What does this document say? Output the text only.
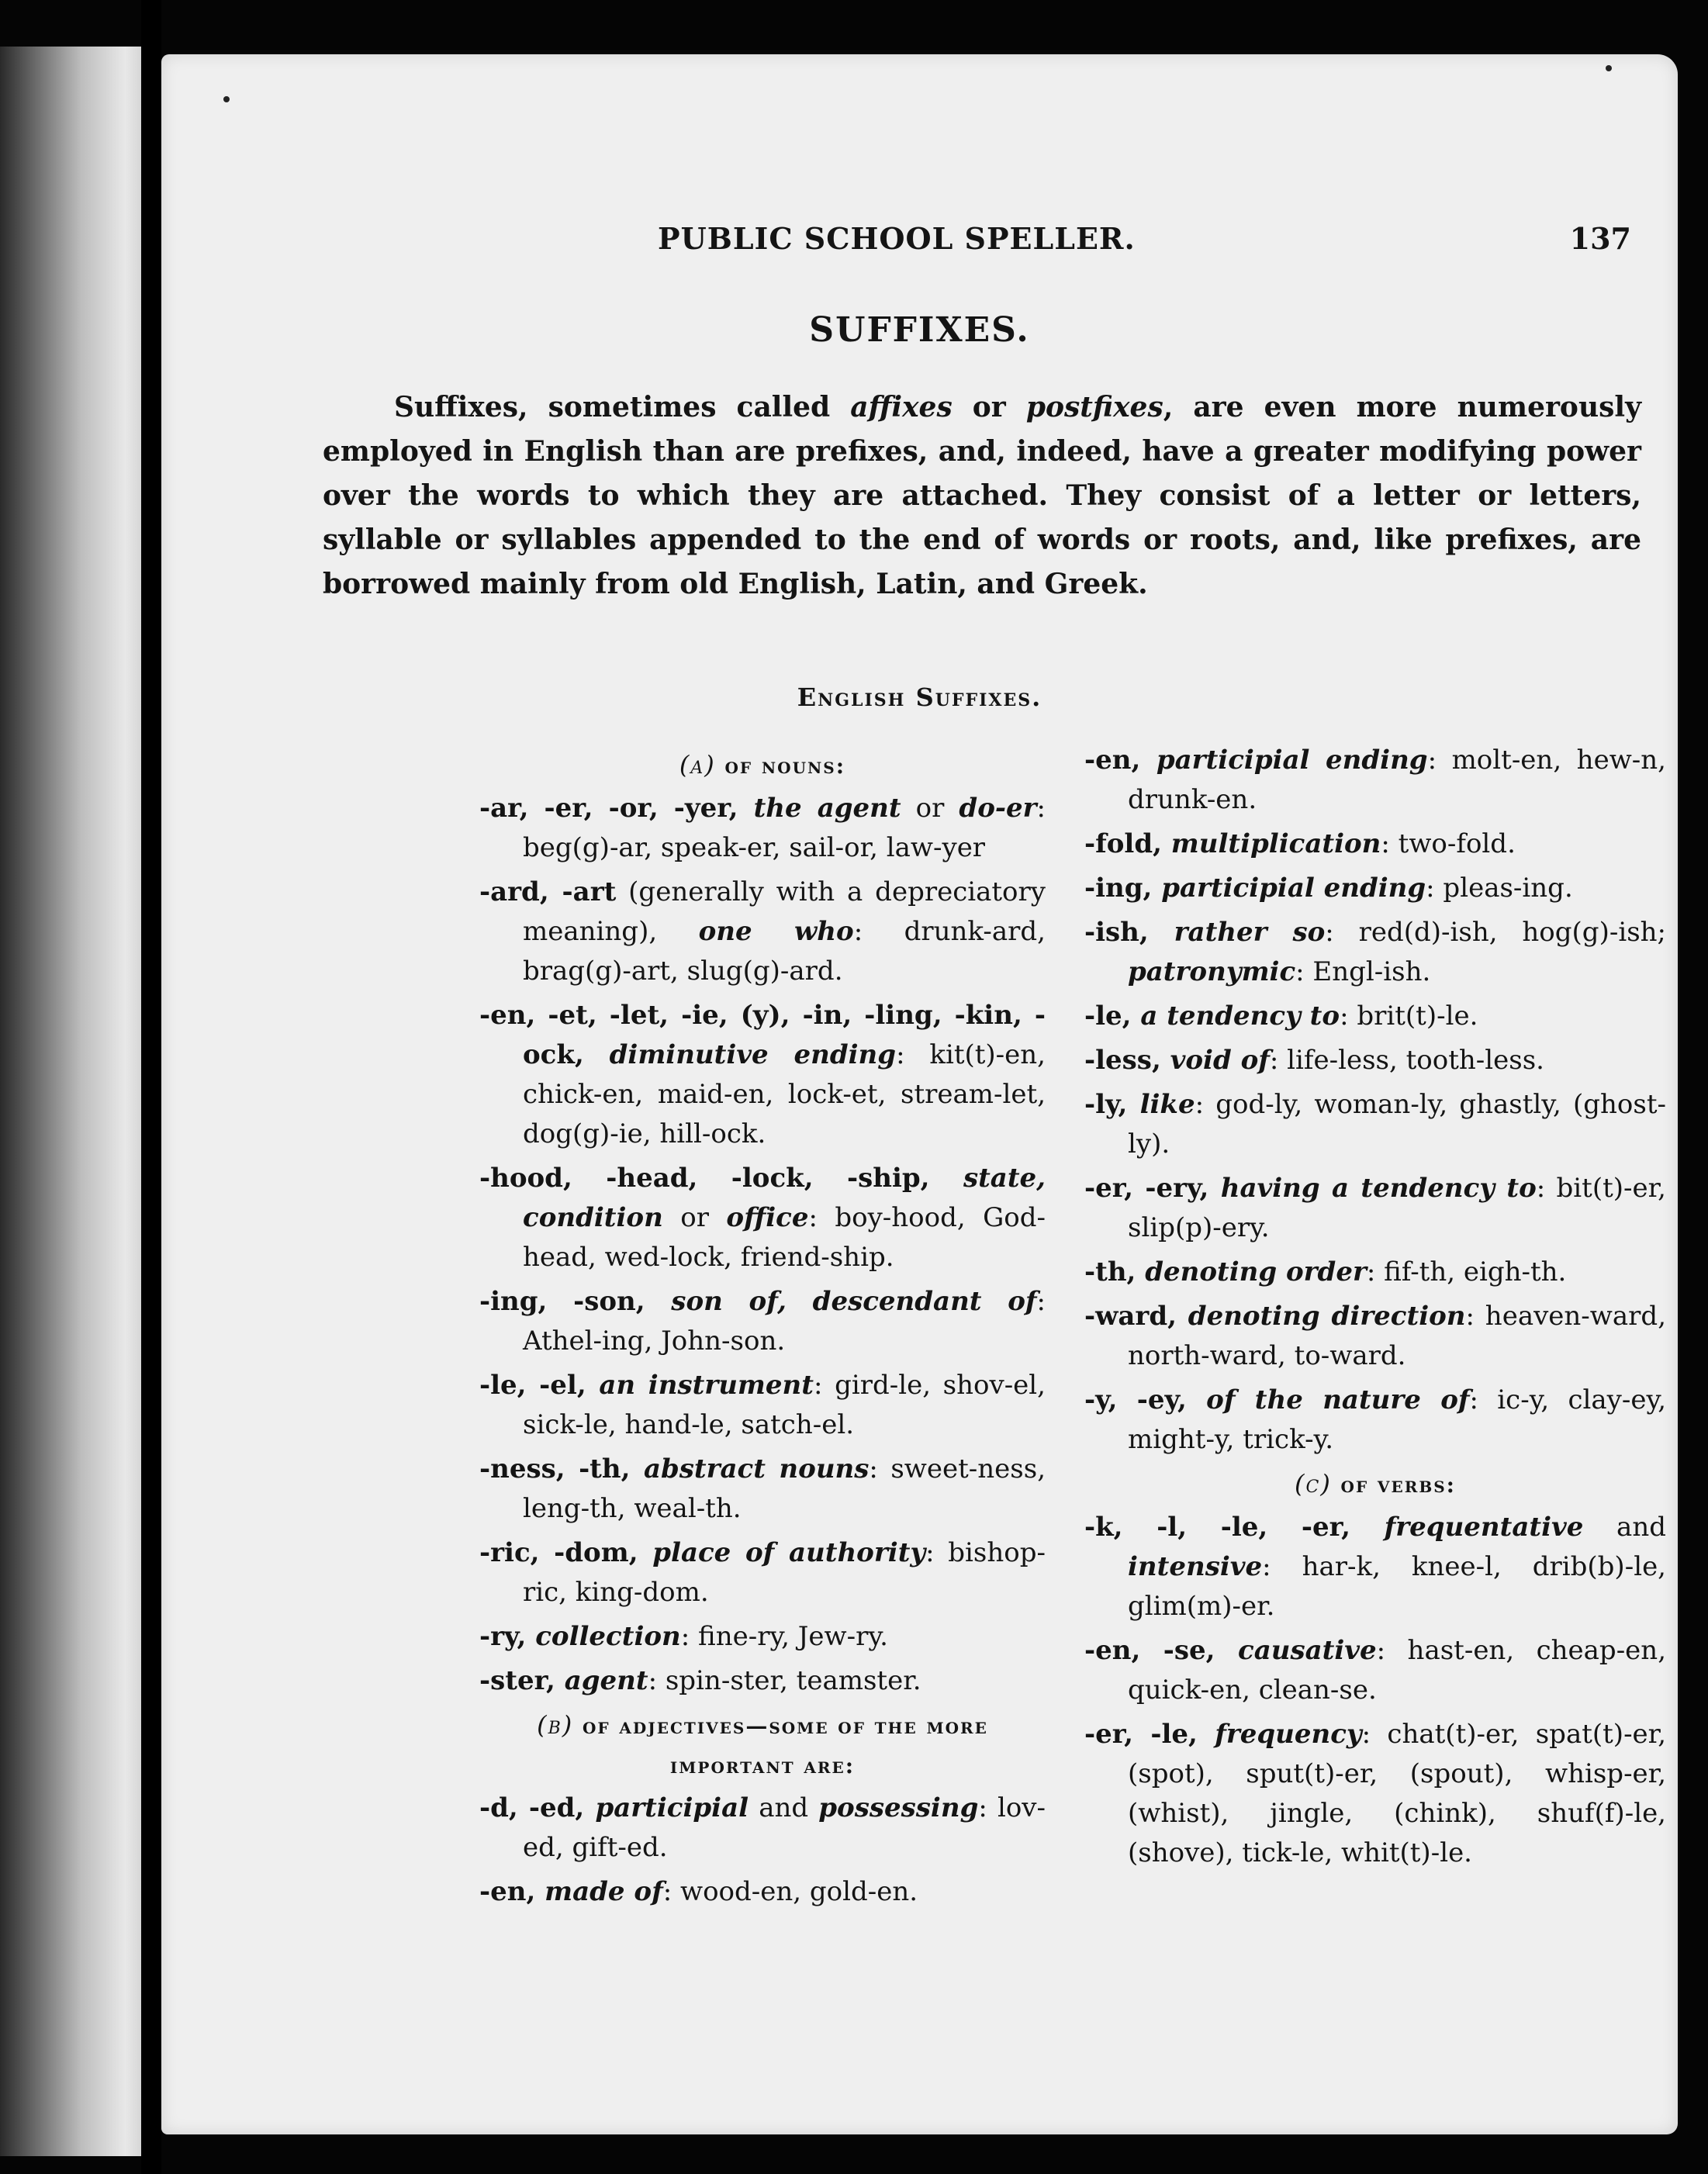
PUBLIC SCHOOL SPELLER.	137
SUFFIXES.
Suffixes, sometimes called affixes or postfixes, are even more numerously employed in English than are prefixes, and, indeed, have a greater modifying power over the words to which they are attached. They consist of a letter or letters, syllable or syllables appended to the end of words or roots, and, like prefixes, are borrowed mainly from old English, Latin, and Greek.
English Suffixes.
(a) of nouns:
-ar, -er, -or, -yer, the agent or do-er: beg(g)-ar, speak-er, sail-or, law-yer
-ard, -art (generally with a depreciatory meaning), one who: drunk-ard, brag(g)-art, slug(g)-ard.
-en, -et, -let, -ie, (y), -in, -ling, -kin, -ock, diminutive ending: kit(t)-en, chick-en, maid-en, lock-et, stream-let, dog(g)-ie, hill-ock.
-hood, -head, -lock, -ship, state, condition or office: boy-hood, God-head, wed-lock, friend-ship.
-ing, -son, son of, descendant of: Athel-ing, John-son.
-le, -el, an instrument: gird-le, shov-el, sick-le, hand-le, satch-el.
-ness, -th, abstract nouns: sweet-ness, leng-th, weal-th.
-ric, -dom, place of authority: bishop-ric, king-dom.
-ry, collection: fine-ry, Jew-ry.
-ster, agent: spin-ster, teamster.
(b) of adjectives—some of the more important are:
-d, -ed, participial and possessing: lov-ed, gift-ed.
-en, made of: wood-en, gold-en.
-en, participial ending: molt-en, hew-n, drunk-en.
-fold, multiplication: two-fold.
-ing, participial ending: pleas-ing.
-ish, rather so: red(d)-ish, hog(g)-ish; patronymic: Engl-ish.
-le, a tendency to: brit(t)-le.
-less, void of: life-less, tooth-less.
-ly, like: god-ly, woman-ly, ghastly, (ghost-ly).
-er, -ery, having a tendency to: bit(t)-er, slip(p)-ery.
-th, denoting order: fif-th, eigh-th.
-ward, denoting direction: heaven-ward, north-ward, to-ward.
-y, -ey, of the nature of: ic-y, clay-ey, might-y, trick-y.
(c) of verbs:
-k, -l, -le, -er, frequentative and intensive: har-k, knee-l, drib(b)-le, glim(m)-er.
-en, -se, causative: hast-en, cheap-en, quick-en, clean-se.
-er, -le, frequency: chat(t)-er, spat(t)-er, (spot), sput(t)-er, (spout), whisp-er, (whist), jingle, (chink), shuf(f)-le, (shove), tick-le, whit(t)-le.
